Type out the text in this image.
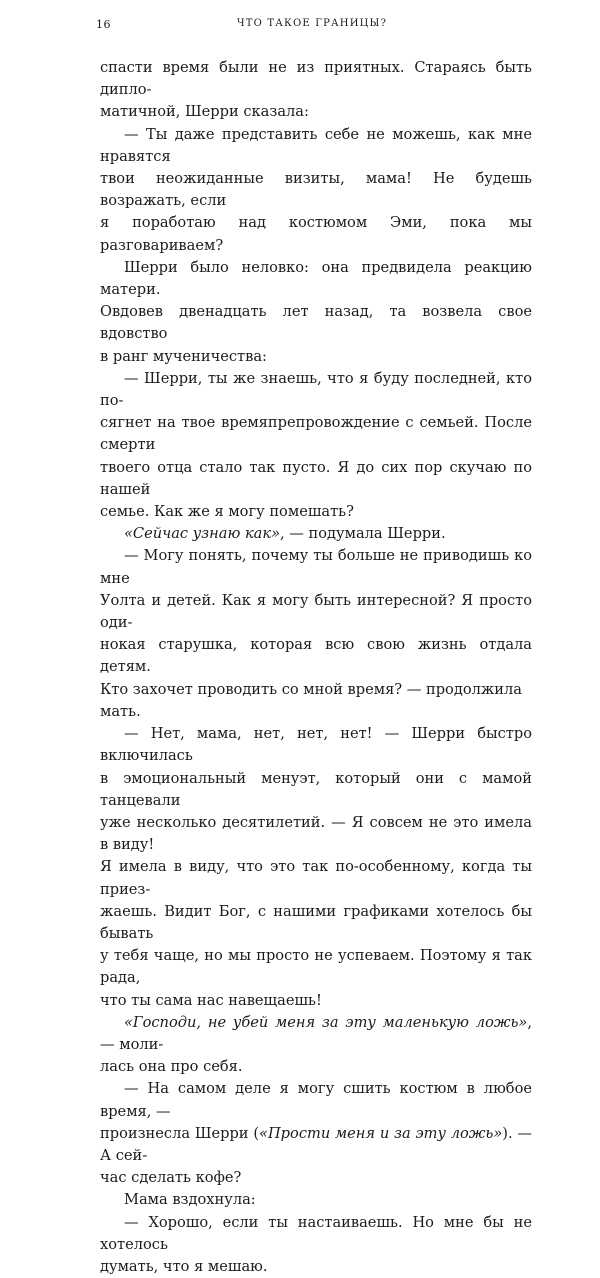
16	ЧТО ТАКОЕ ГРАНИЦЫ?

спасти время были не из приятных. Стараясь быть дипло-
матичной, Шерри сказала:

— Ты даже представить себе не можешь, как мне нравятся
твои неожиданные визиты, мама! Не будешь возражать, если
я поработаю над костюмом Эми, пока мы разговариваем?

Шерри было неловко: она предвидела реакцию матери.
Овдовев двенадцать лет назад, та возвела свое вдовство
в ранг мученичества:

— Шерри, ты же знаешь, что я буду последней, кто по-
сягнет на твое времяпрепровождение с семьей. После смерти
твоего отца стало так пусто. Я до сих пор скучаю по нашей
семье. Как же я могу помешать?

«Сейчас узнаю как», — подумала Шерри.

— Могу понять, почему ты больше не приводишь ко мне
Уолта и детей. Как я могу быть интересной? Я просто оди-
нокая старушка, которая всю свою жизнь отдала детям.
Кто захочет проводить со мной время? — продолжила
мать.

— Нет, мама, нет, нет, нет! — Шерри быстро включилась
в эмоциональный менуэт, который они с мамой танцевали
уже несколько десятилетий. — Я совсем не это имела в виду!
Я имела в виду, что это так по-особенному, когда ты приез-
жаешь. Видит Бог, с нашими графиками хотелось бы бывать
у тебя чаще, но мы просто не успеваем. Поэтому я так рада,
что ты сама нас навещаешь!

«Господи, не убей меня за эту маленькую ложь», — моли-
лась она про себя.

— На самом деле я могу сшить костюм в любое время, —
произнесла Шерри («Прости меня и за эту ложь»). — А сей-
час сделать кофе?

Мама вздохнула:

— Хорошо, если ты настаиваешь. Но мне бы не хотелось
думать, что я мешаю.
